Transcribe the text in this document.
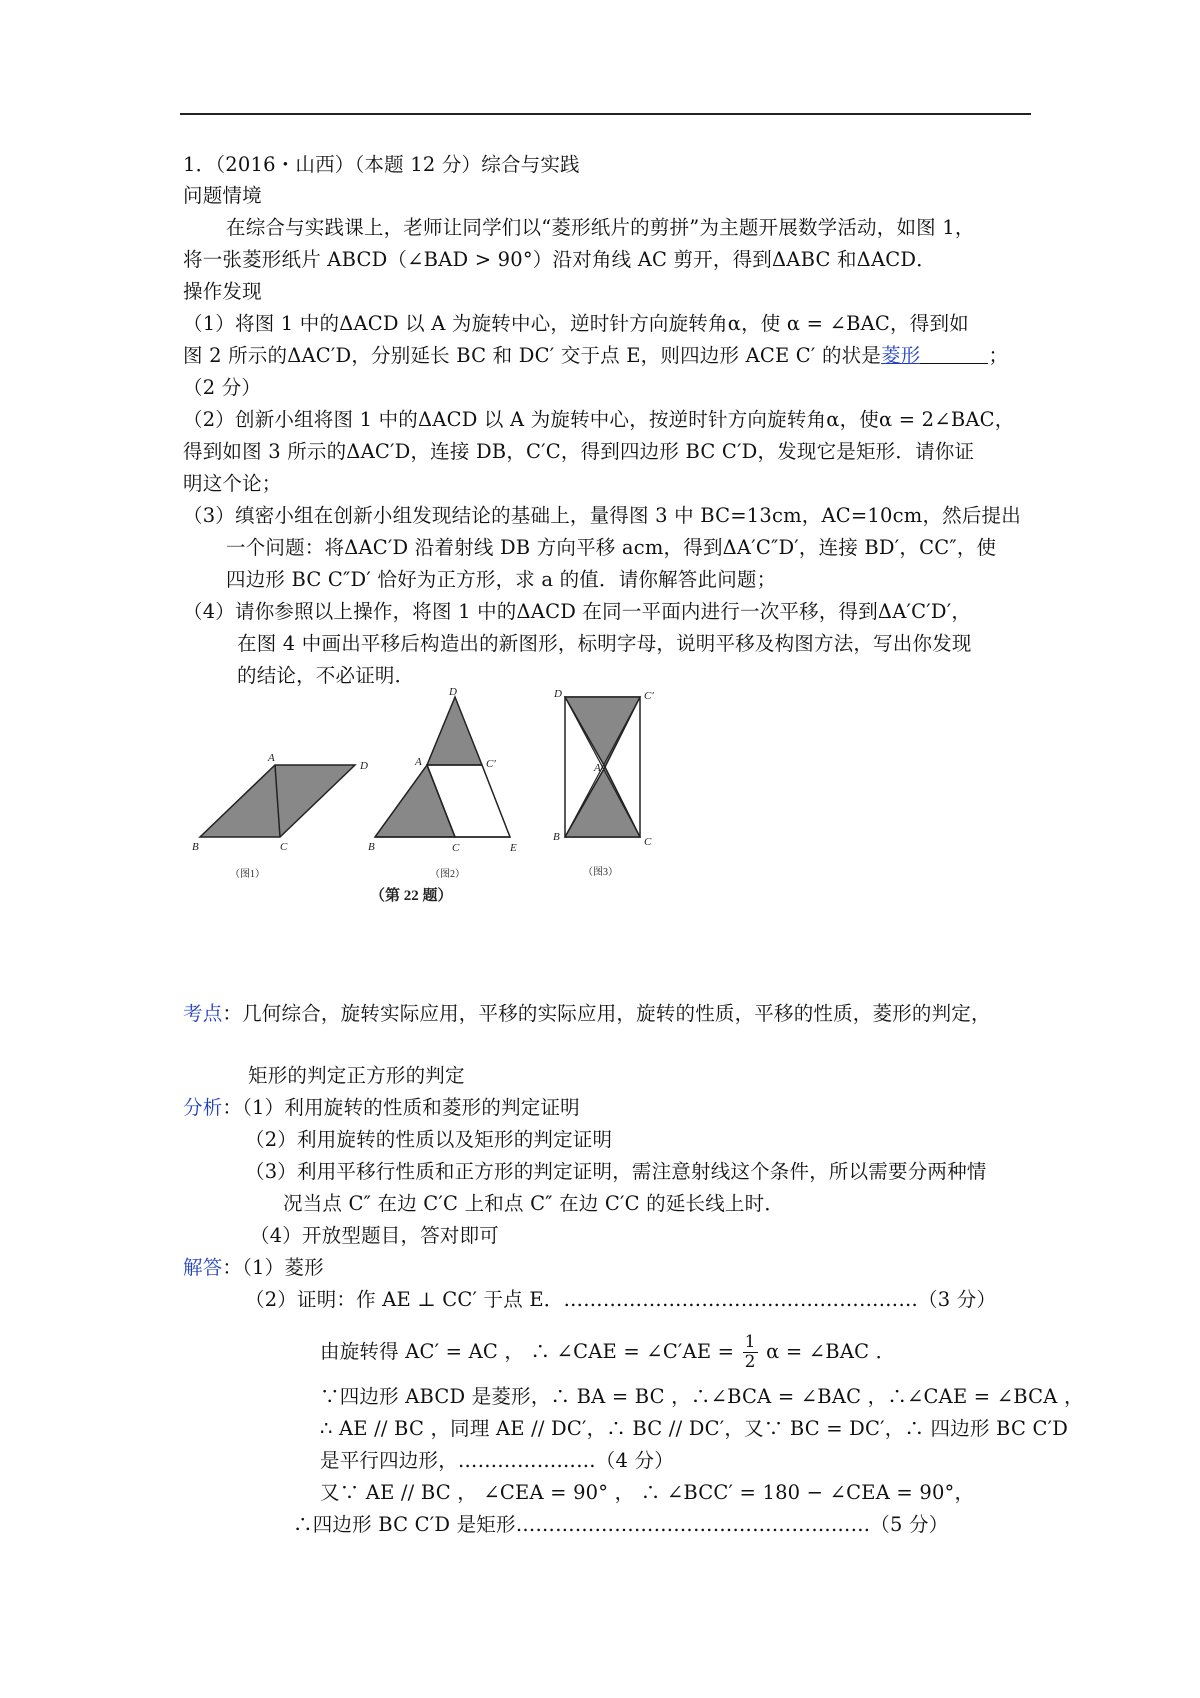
1．（2016・山西）（本题 12 分）综合与实践
问题情境
在综合与实践课上，老师让同学们以“菱形纸片的剪拼”为主题开展数学活动，如图 1，
将一张菱形纸片 ABCD（∠BAD > 90°）沿对角线 AC 剪开，得到ΔABC 和ΔACD．
操作发现
（1）将图 1 中的ΔACD 以 A 为旋转中心，逆时针方向旋转角α，使 α = ∠BAC，得到如
图 2 所示的ΔAC′D，分别延长 BC 和 DC′ 交于点 E，则四边形 ACE C′ 的状是菱形	；
（2 分）
（2）创新小组将图 1 中的ΔACD 以 A 为旋转中心，按逆时针方向旋转角α，使α = 2∠BAC，
得到如图 3 所示的ΔAC′D，连接 DB，C′C，得到四边形 BC C′D，发现它是矩形．请你证
明这个论；
（3）缜密小组在创新小组发现结论的基础上，量得图 3 中 BC=13cm，AC=10cm，然后提出
一个问题：将ΔAC′D 沿着射线 DB 方向平移 acm，得到ΔA′C″D′，连接 BD′，CC″，使
四边形 BC C″D′ 恰好为正方形，求 a 的值．请你解答此问题；
（4）请你参照以上操作，将图 1 中的ΔACD 在同一平面内进行一次平移，得到ΔA′C′D′，
在图 4 中画出平移后构造出的新图形，标明字母，说明平移及构图方法，写出你发现
的结论，不必证明．
A
D
B	C
（图1）
D
A	C′
B	C	E
（图2）
D	C′
A
B	C
（图3）
（第 22 题）
考点：几何综合，旋转实际应用，平移的实际应用，旋转的性质，平移的性质，菱形的判定，
矩形的判定正方形的判定
分析：（1）利用旋转的性质和菱形的判定证明
（2）利用旋转的性质以及矩形的判定证明
（3）利用平移行性质和正方形的判定证明，需注意射线这个条件，所以需要分两种情
况当点 C″ 在边 C′C 上和点 C″ 在边 C′C 的延长线上时．
（4）开放型题目，答对即可
解答：（1）菱形
（2）证明：作 AE ⊥ CC′ 于点 E．………………………………………………（3 分）
由旋转得 AC′ = AC ， ∴ ∠CAE = ∠C′AE = $\frac{1}{2}$ α = ∠BAC ．
∵四边形 ABCD 是菱形，∴ BA = BC ，∴∠BCA = ∠BAC ，∴∠CAE = ∠BCA ，
∴ AE // BC ，同理 AE // DC′，∴ BC // DC′，又∵ BC = DC′，∴ 四边形 BC C′D
是平行四边形，…………………（4 分）
又∵ AE // BC ， ∠CEA = 90° ， ∴ ∠BCC′ = 180 − ∠CEA = 90°，
∴四边形 BC C′D 是矩形………………………………………………（5 分）
